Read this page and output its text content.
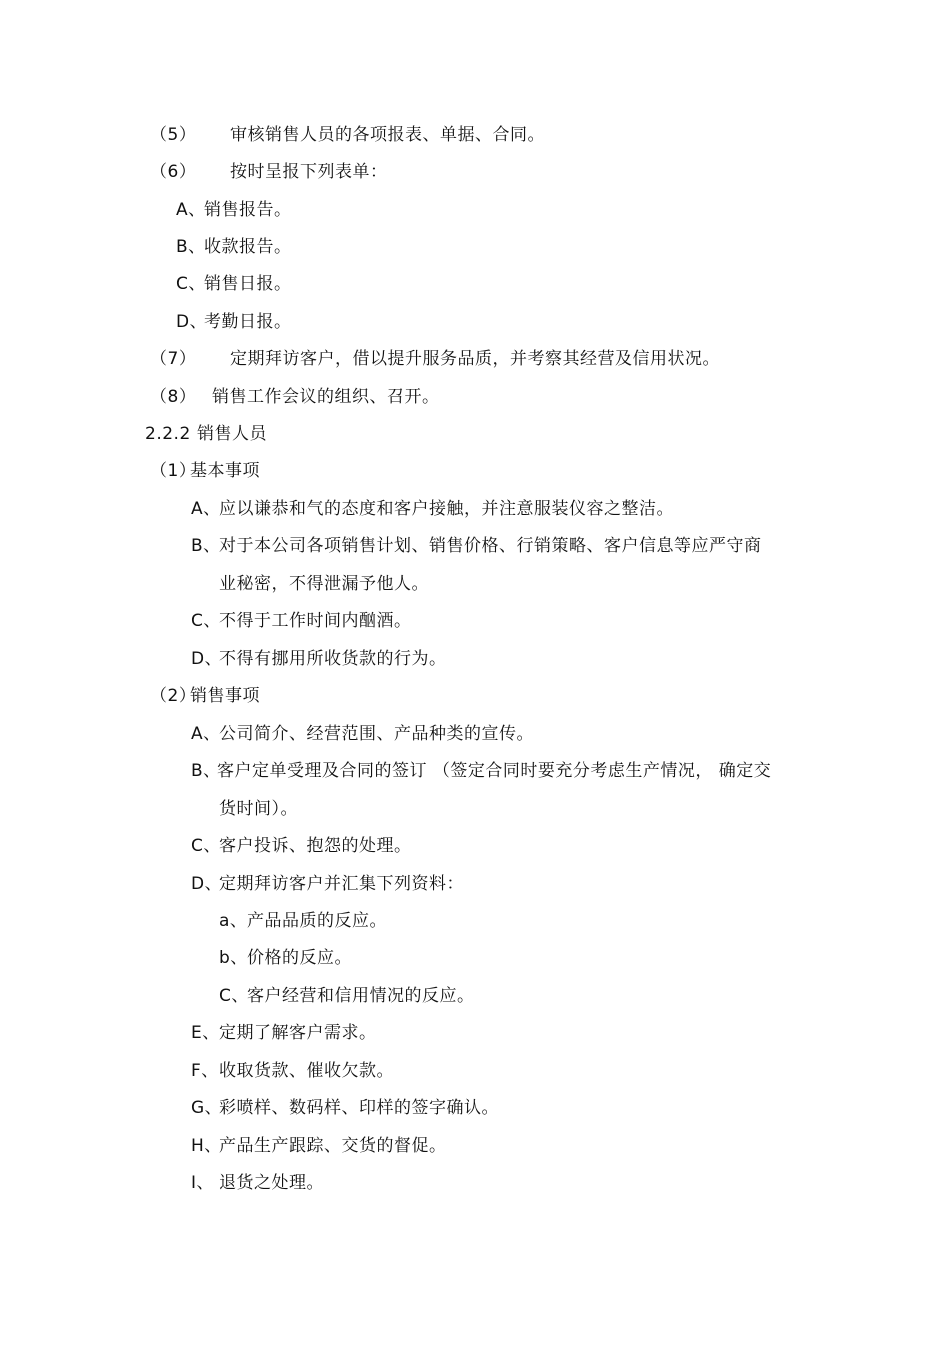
（5） 审核销售人员的各项报表、单据、合同。
（6） 按时呈报下列表单：
A、销售报告。
B、收款报告。
C、销售日报。
D、考勤日报。
（7） 定期拜访客户，借以提升服务品质，并考察其经营及信用状况。
（8） 销售工作会议的组织、召开。
2.2.2 销售人员
（1）基本事项
A、应以谦恭和气的态度和客户接触，并注意服装仪容之整洁。
B、对于本公司各项销售计划、销售价格、行销策略、客户信息等应严守商
业秘密，不得泄漏予他人。
C、不得于工作时间内酗酒。
D、不得有挪用所收货款的行为。
（2）销售事项
A、公司简介、经营范围、产品种类的宣传。
B、客户定单受理及合同的签订 （签定合同时要充分考虑生产情况， 确定交
货时间）。
C、客户投诉、抱怨的处理。
D、定期拜访客户并汇集下列资料：
a、产品品质的反应。
b、价格的反应。
C、客户经营和信用情况的反应。
E、定期了解客户需求。
F、收取货款、催收欠款。
G、彩喷样、数码样、印样的签字确认。
H、产品生产跟踪、交货的督促。
I、 退货之处理。
